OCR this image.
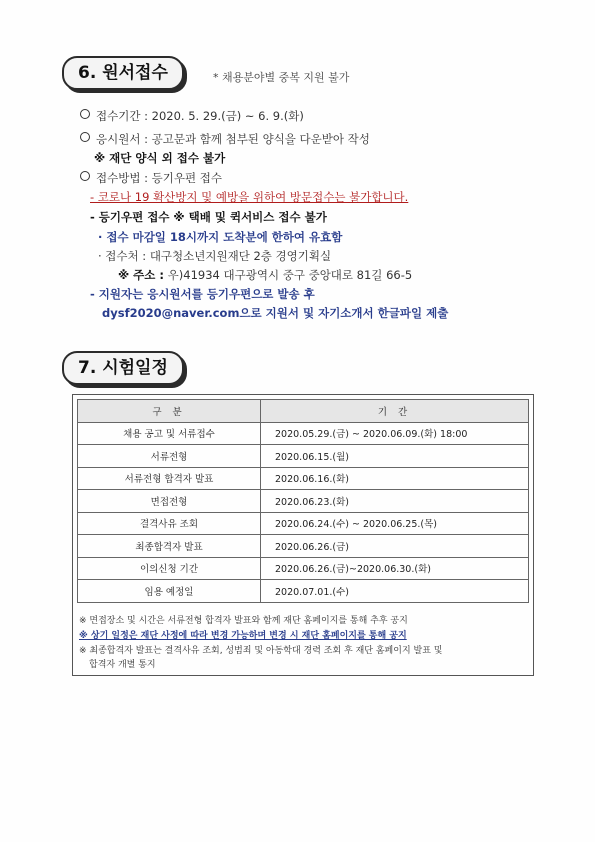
6. 원서접수	* 채용분야별 중복 지원 불가
접수기간 : 2020. 5. 29.(금) ~ 6. 9.(화)
응시원서 : 공고문과 함께 첨부된 양식을 다운받아 작성
※ 재단 양식 외 접수 불가
접수방법 : 등기우편 접수
- 코로나 19 확산방지 및 예방을 위하여 방문접수는 불가합니다.
- 등기우편 접수 ※ 택배 및 퀵서비스 접수 불가
· 접수 마감일 18시까지 도착분에 한하여 유효함
· 접수처 : 대구청소년지원재단 2층 경영기획실
※ 주소 : 우)41934 대구광역시 중구 중앙대로 81길 66-5
- 지원자는 응시원서를 등기우편으로 발송 후
dysf2020@naver.com으로 지원서 및 자기소개서 한글파일 제출
7. 시험일정
구 분	기 간
채용 공고 및 서류접수	2020.05.29.(금) ~ 2020.06.09.(화) 18:00
서류전형	2020.06.15.(월)
서류전형 합격자 발표	2020.06.16.(화)
면접전형	2020.06.23.(화)
결격사유 조회	2020.06.24.(수) ~ 2020.06.25.(목)
최종합격자 발표	2020.06.26.(금)
이의신청 기간	2020.06.26.(금)~2020.06.30.(화)
임용 예정일	2020.07.01.(수)
※ 면접장소 및 시간은 서류전형 합격자 발표와 함께 재단 홈페이지를 통해 추후 공지
※ 상기 일정은 재단 사정에 따라 변경 가능하며 변경 시 재단 홈페이지를 통해 공지
※ 최종합격자 발표는 결격사유 조회, 성범죄 및 아동학대 경력 조회 후 재단 홈페이지 발표 및
합격자 개별 통지
